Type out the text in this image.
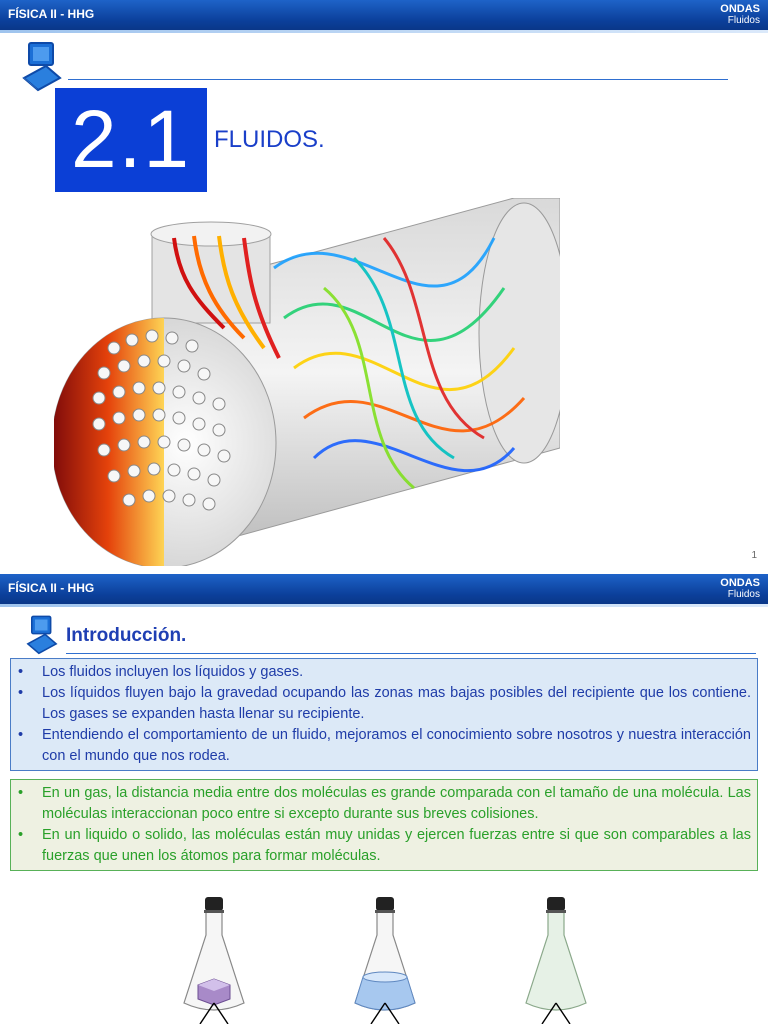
FÍSICA II - HHG	ONDAS
Fluidos
2.1 FLUIDOS.
1
FÍSICA II - HHG	ONDAS
Fluidos
Introducción.
•	Los fluidos incluyen los líquidos y gases.
•	Los líquidos fluyen bajo la gravedad ocupando las zonas mas bajas posibles del recipiente que los contiene. Los gases se expanden hasta llenar su recipiente.
•	Entendiendo el comportamiento de un fluido, mejoramos el conocimiento sobre nosotros y nuestra interacción con el mundo que nos rodea.
•	En un gas, la distancia media entre dos moléculas es grande comparada con el tamaño de una molécula. Las moléculas interaccionan poco entre si excepto durante sus breves colisiones.
•	En un liquido o solido, las moléculas están muy unidas y ejercen fuerzas entre si que son comparables a las fuerzas que unen los átomos para formar moléculas.
